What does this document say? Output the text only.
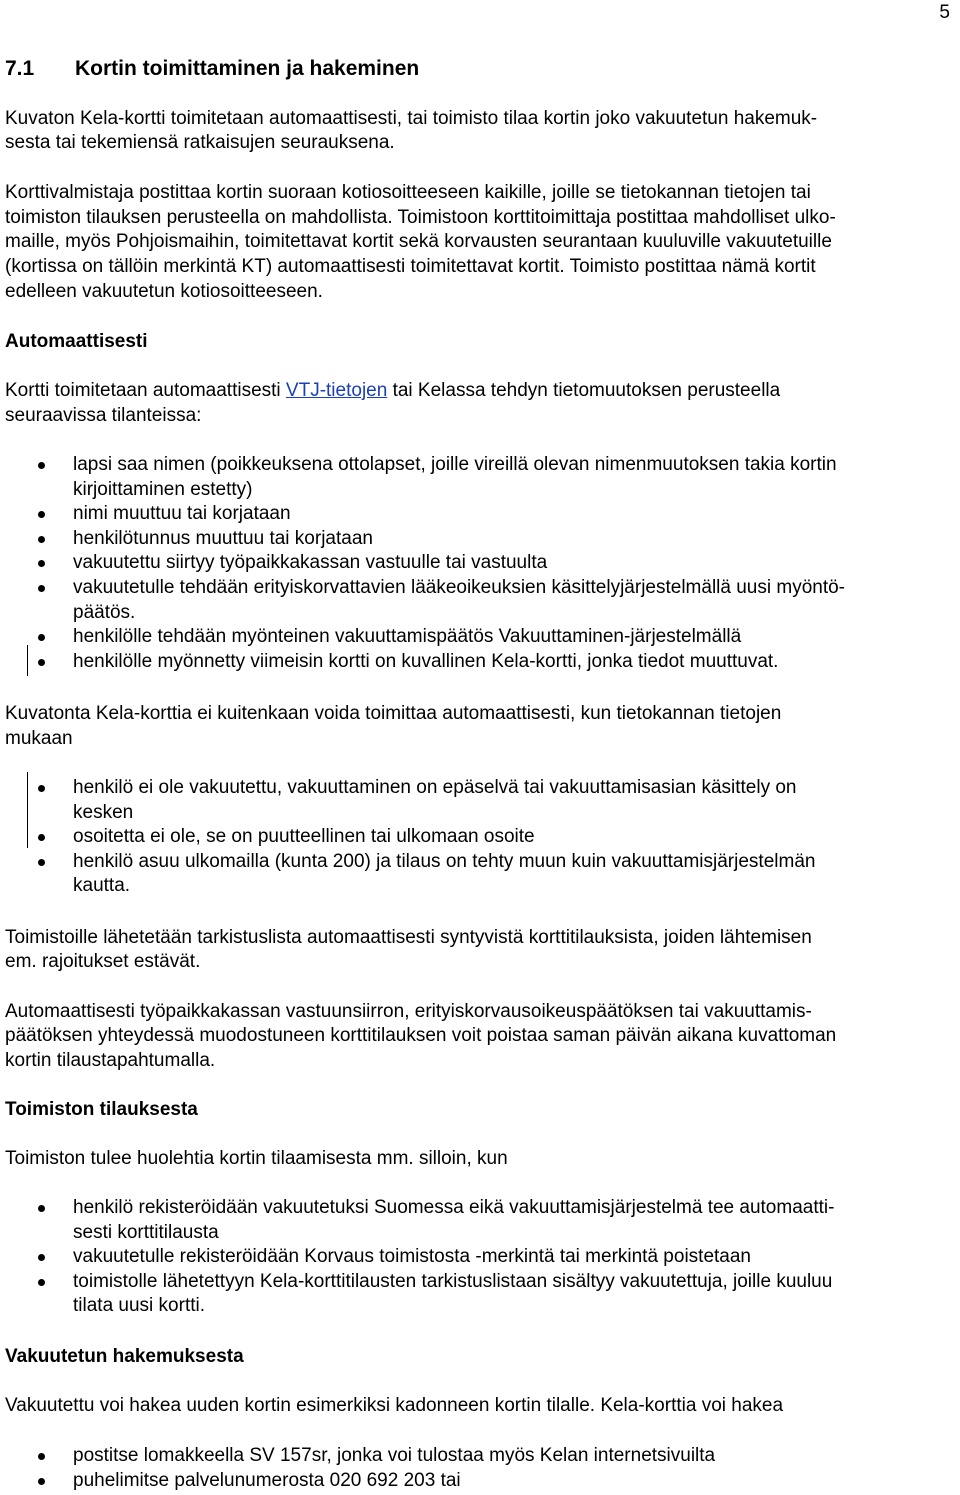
5
7.1 Kortin toimittaminen ja hakeminen
Kuvaton Kela-kortti toimitetaan automaattisesti, tai toimisto tilaa kortin joko vakuutetun hakemuk-
sesta tai tekemiensä ratkaisujen seurauksena.
Korttivalmistaja postittaa kortin suoraan kotiosoitteeseen kaikille, joille se tietokannan tietojen tai
toimiston tilauksen perusteella on mahdollista. Toimistoon korttitoimittaja postittaa mahdolliset ulko-
maille, myös Pohjoismaihin, toimitettavat kortit sekä korvausten seurantaan kuuluville vakuutetuille
(kortissa on tällöin merkintä KT) automaattisesti toimitettavat kortit. Toimisto postittaa nämä kortit
edelleen vakuutetun kotiosoitteeseen.
Automaattisesti
Kortti toimitetaan automaattisesti VTJ-tietojen tai Kelassa tehdyn tietomuutoksen perusteella
seuraavissa tilanteissa:
lapsi saa nimen (poikkeuksena ottolapset, joille vireillä olevan nimenmuutoksen takia kortin
kirjoittaminen estetty)
nimi muuttuu tai korjataan
henkilötunnus muuttuu tai korjataan
vakuutettu siirtyy työpaikkakassan vastuulle tai vastuulta
vakuutetulle tehdään erityiskorvattavien lääkeoikeuksien käsittelyjärjestelmällä uusi myöntö-
päätös.
henkilölle tehdään myönteinen vakuuttamispäätös Vakuuttaminen-järjestelmällä
henkilölle myönnetty viimeisin kortti on kuvallinen Kela-kortti, jonka tiedot muuttuvat.
Kuvatonta Kela-korttia ei kuitenkaan voida toimittaa automaattisesti, kun tietokannan tietojen
mukaan
henkilö ei ole vakuutettu, vakuuttaminen on epäselvä tai vakuuttamisasian käsittely on
kesken
osoitetta ei ole, se on puutteellinen tai ulkomaan osoite
henkilö asuu ulkomailla (kunta 200) ja tilaus on tehty muun kuin vakuuttamisjärjestelmän
kautta.
Toimistoille lähetetään tarkistuslista automaattisesti syntyvistä korttitilauksista, joiden lähtemisen
em. rajoitukset estävät.
Automaattisesti työpaikkakassan vastuunsiirron, erityiskorvausoikeuspäätöksen tai vakuuttamis-
päätöksen yhteydessä muodostuneen korttitilauksen voit poistaa saman päivän aikana kuvattoman
kortin tilaustapahtumalla.
Toimiston tilauksesta
Toimiston tulee huolehtia kortin tilaamisesta mm. silloin, kun
henkilö rekisteröidään vakuutetuksi Suomessa eikä vakuuttamisjärjestelmä tee automaatti-
sesti korttitilausta
vakuutetulle rekisteröidään Korvaus toimistosta -merkintä tai merkintä poistetaan
toimistolle lähetettyyn Kela-korttitilausten tarkistuslistaan sisältyy vakuutettuja, joille kuuluu
tilata uusi kortti.
Vakuutetun hakemuksesta
Vakuutettu voi hakea uuden kortin esimerkiksi kadonneen kortin tilalle. Kela-korttia voi hakea
postitse lomakkeella SV 157sr, jonka voi tulostaa myös Kelan internetsivuilta
puhelimitse palvelunumerosta 020 692 203 tai
